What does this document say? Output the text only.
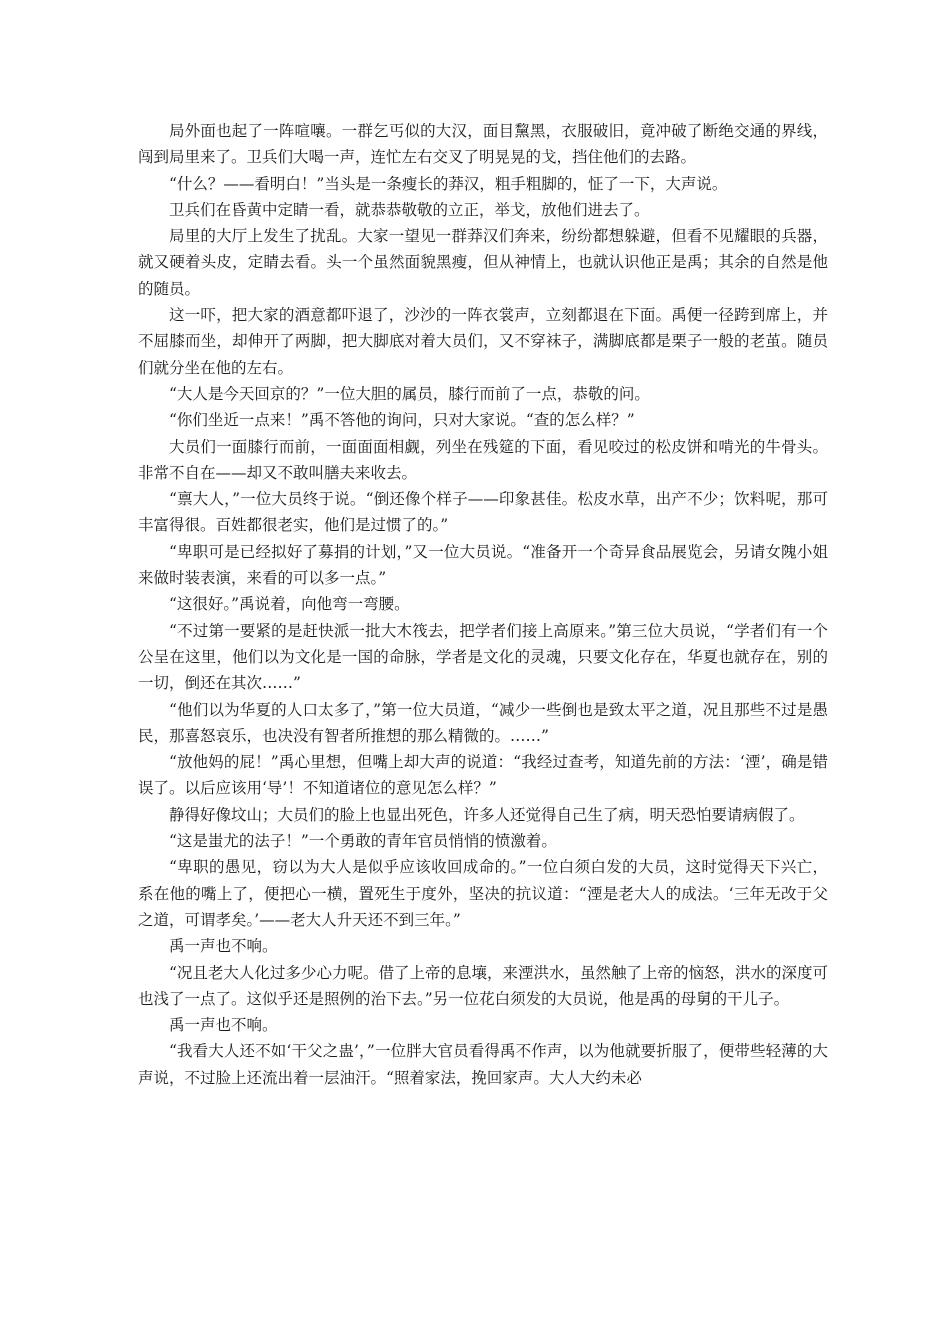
局外面也起了一阵喧嚷。一群乞丐似的大汉，面目黧黑，衣服破旧，竟冲破了断绝交通的界线，闯到局里来了。卫兵们大喝一声，连忙左右交叉了明晃晃的戈，挡住他们的去路。

“什么？——看明白！”当头是一条瘦长的莽汉，粗手粗脚的，怔了一下，大声说。

卫兵们在昏黄中定睛一看，就恭恭敬敬的立正，举戈，放他们进去了。

局里的大厅上发生了扰乱。大家一望见一群莽汉们奔来，纷纷都想躲避，但看不见耀眼的兵器，就又硬着头皮，定睛去看。头一个虽然面貌黑瘦，但从神情上，也就认识他正是禹；其余的自然是他的随员。

这一吓，把大家的酒意都吓退了，沙沙的一阵衣裳声，立刻都退在下面。禹便一径跨到席上，并不屈膝而坐，却伸开了两脚，把大脚底对着大员们，又不穿袜子，满脚底都是栗子一般的老茧。随员们就分坐在他的左右。

“大人是今天回京的？”一位大胆的属员，膝行而前了一点，恭敬的问。

“你们坐近一点来！”禹不答他的询问，只对大家说。“查的怎么样？”

大员们一面膝行而前，一面面面相觑，列坐在残筵的下面，看见咬过的松皮饼和啃光的牛骨头。非常不自在——却又不敢叫膳夫来收去。

“禀大人，”一位大员终于说。“倒还像个样子——印象甚佳。松皮水草，出产不少；饮料呢，那可丰富得很。百姓都很老实，他们是过惯了的。”

“卑职可是已经拟好了募捐的计划，”又一位大员说。“准备开一个奇异食品展览会，另请女隗小姐来做时装表演，来看的可以多一点。”

“这很好。”禹说着，向他弯一弯腰。

“不过第一要紧的是赶快派一批大木筏去，把学者们接上高原来。”第三位大员说，“学者们有一个公呈在这里，他们以为文化是一国的命脉，学者是文化的灵魂，只要文化存在，华夏也就存在，别的一切，倒还在其次……”

“他们以为华夏的人口太多了，”第一位大员道，“减少一些倒也是致太平之道，况且那些不过是愚民，那喜怒哀乐，也决没有智者所推想的那么精微的。……”

“放他妈的屁！”禹心里想，但嘴上却大声的说道：“我经过查考，知道先前的方法：‘湮’，确是错误了。以后应该用‘导’！不知道诸位的意见怎么样？”

静得好像坟山；大员们的脸上也显出死色，许多人还觉得自己生了病，明天恐怕要请病假了。

“这是蚩尤的法子！”一个勇敢的青年官员悄悄的愤激着。

“卑职的愚见，窃以为大人是似乎应该收回成命的。”一位白须白发的大员，这时觉得天下兴亡，系在他的嘴上了，便把心一横，置死生于度外，坚决的抗议道：“湮是老大人的成法。‘三年无改于父之道，可谓孝矣。’——老大人升天还不到三年。”

禹一声也不响。

“况且老大人化过多少心力呢。借了上帝的息壤，来湮洪水，虽然触了上帝的恼怒，洪水的深度可也浅了一点了。这似乎还是照例的治下去。”另一位花白须发的大员说，他是禹的母舅的干儿子。

禹一声也不响。

“我看大人还不如‘干父之蛊’，”一位胖大官员看得禹不作声，以为他就要折服了，便带些轻薄的大声说，不过脸上还流出着一层油汗。“照着家法，挽回家声。大人大约未必
